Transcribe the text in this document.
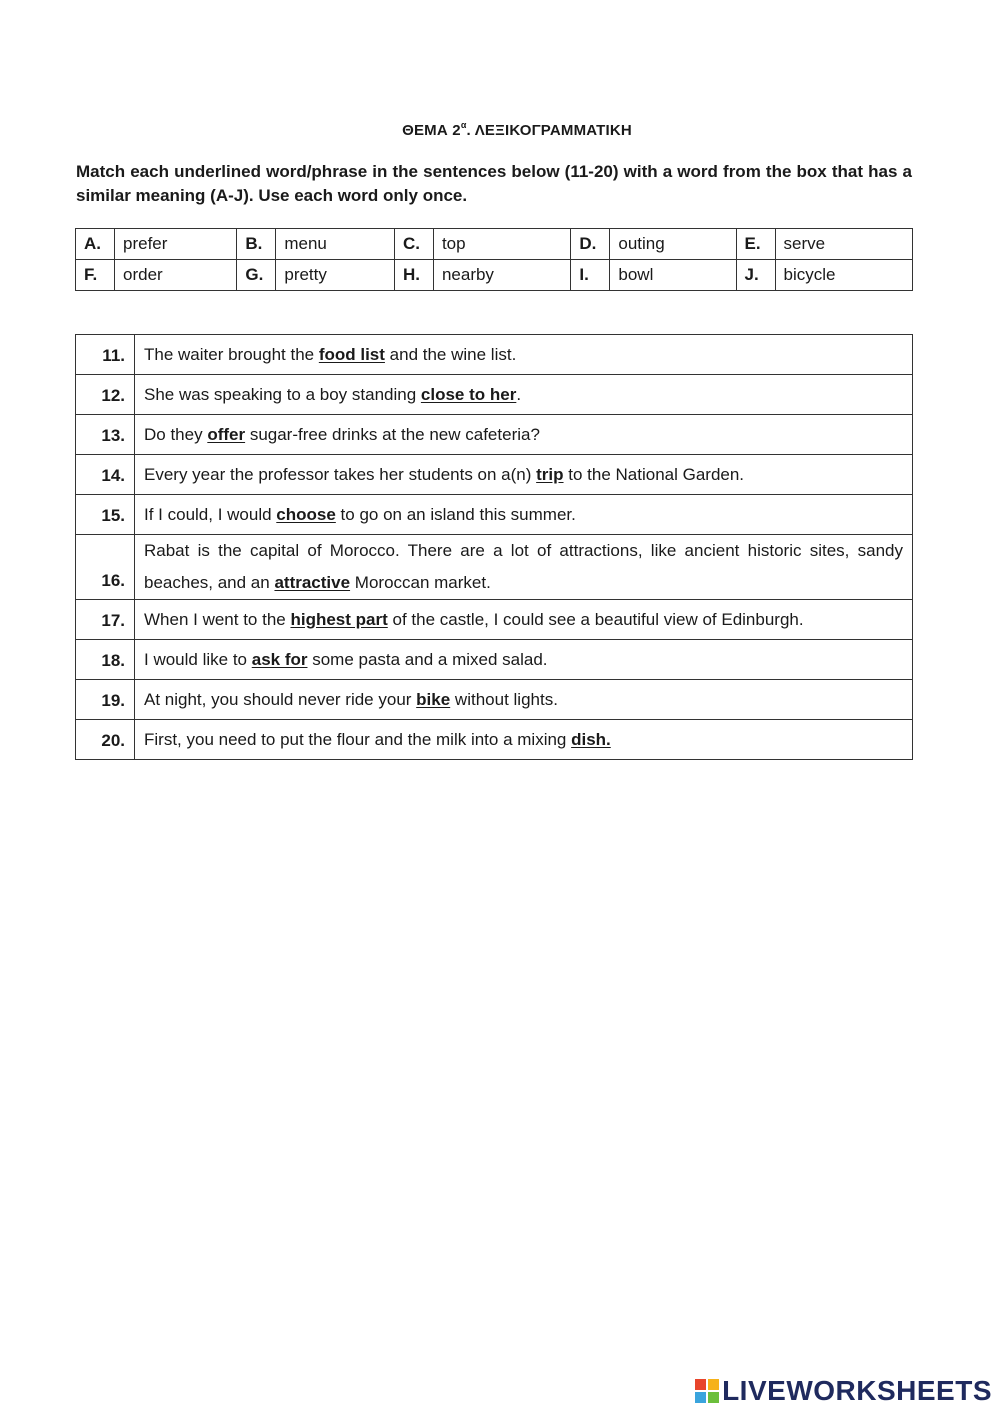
ΘΕΜΑ $2^\alpha$. ΛΕΞΙΚΟΓΡΑΜΜΑΤΙΚΗ
Match each underlined word/phrase in the sentences below (11-20) with a word from the box that has a similar meaning (A-J). Use each word only once.
A.	prefer	B.	menu	C.	top	D.	outing	E.	serve
F.	order	G.	pretty	H.	nearby	I.	bowl	J.	bicycle
11.	The waiter brought the food list and the wine list.
12.	She was speaking to a boy standing close to her.
13.	Do they offer sugar-free drinks at the new cafeteria?
14.	Every year the professor takes her students on a(n) trip to the National Garden.
15.	If I could, I would choose to go on an island this summer.
16.	Rabat is the capital of Morocco. There are a lot of attractions, like ancient historic sites, sandy beaches, and an attractive Moroccan market.
17.	When I went to the highest part of the castle, I could see a beautiful view of Edinburgh.
18.	I would like to ask for some pasta and a mixed salad.
19.	At night, you should never ride your bike without lights.
20.	First, you need to put the flour and the milk into a mixing dish.
LIVEWORKSHEETS
